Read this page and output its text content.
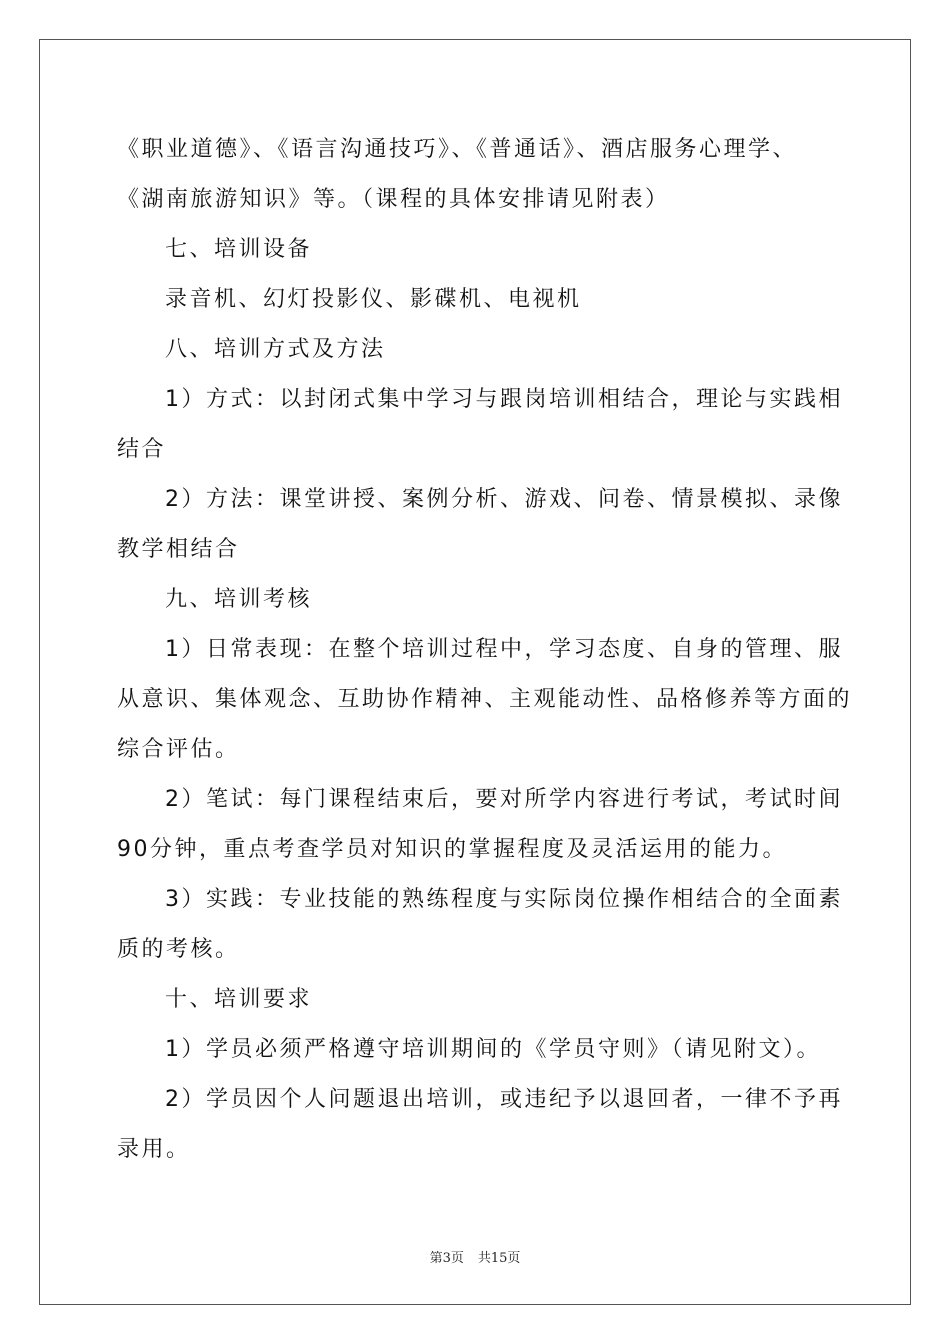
《职业道德》、《语言沟通技巧》、《普通话》、酒店服务心理学、
《湖南旅游知识》等。（课程的具体安排请见附表）
七、培训设备
录音机、幻灯投影仪、影碟机、电视机
八、培训方式及方法
1）方式：以封闭式集中学习与跟岗培训相结合，理论与实践相
结合
2）方法：课堂讲授、案例分析、游戏、问卷、情景模拟、录像
教学相结合
九、培训考核
1）日常表现：在整个培训过程中，学习态度、自身的管理、服
从意识、集体观念、互助协作精神、主观能动性、品格修养等方面的
综合评估。
2）笔试：每门课程结束后，要对所学内容进行考试，考试时间
90分钟，重点考查学员对知识的掌握程度及灵活运用的能力。
3）实践：专业技能的熟练程度与实际岗位操作相结合的全面素
质的考核。
十、培训要求
1）学员必须严格遵守培训期间的《学员守则》（请见附文）。
2）学员因个人问题退出培训，或违纪予以退回者，一律不予再
录用。
第3页 共15页
